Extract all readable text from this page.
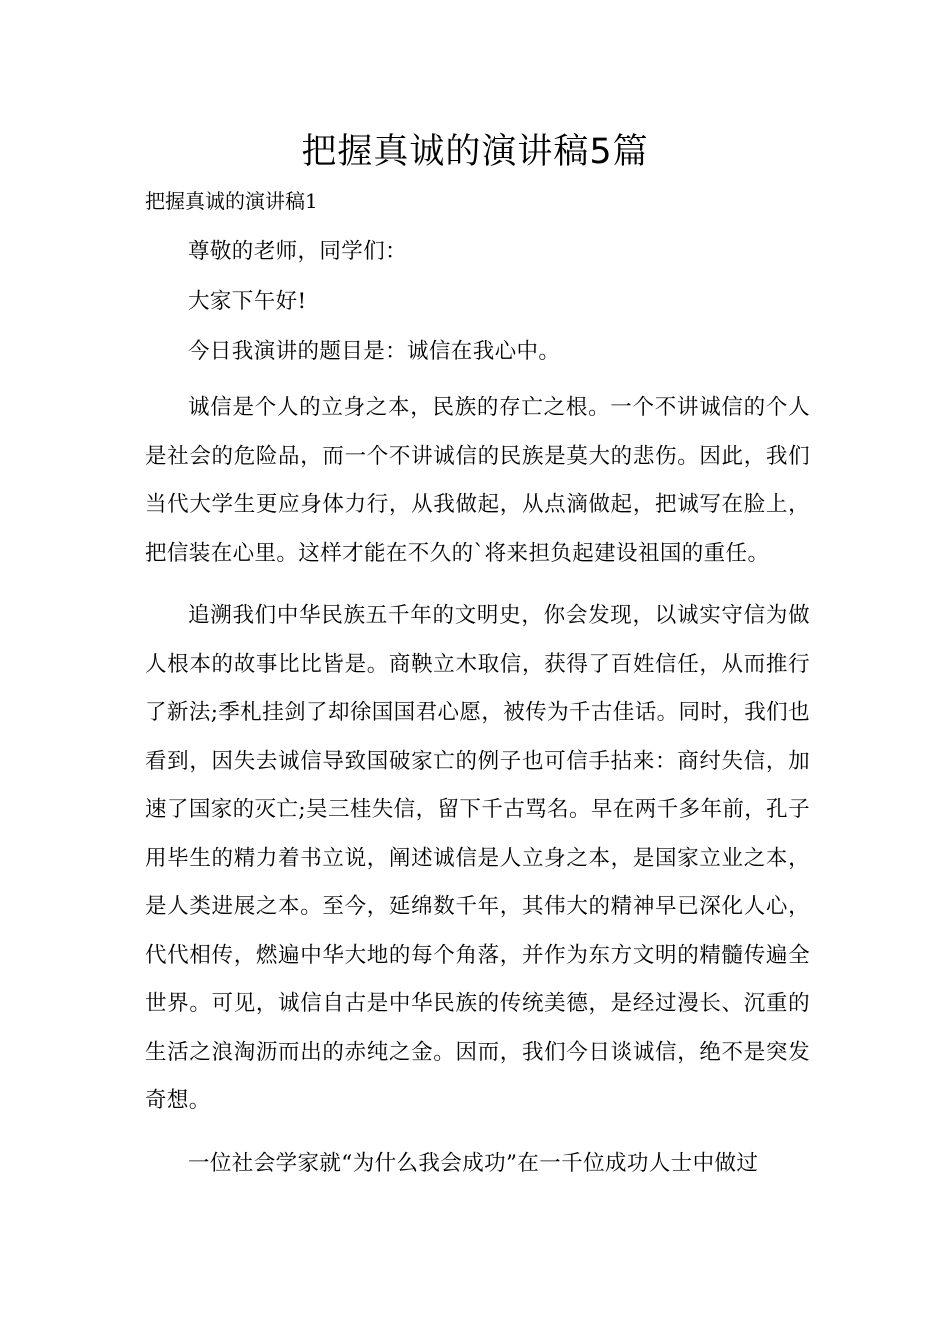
把握真诚的演讲稿5篇

把握真诚的演讲稿1

尊敬的老师，同学们：

大家下午好!

今日我演讲的题目是：诚信在我心中。

诚信是个人的立身之本，民族的存亡之根。一个不讲诚信的个人是社会的危险品，而一个不讲诚信的民族是莫大的悲伤。因此，我们当代大学生更应身体力行，从我做起，从点滴做起，把诚写在脸上，把信装在心里。这样才能在不久的`将来担负起建设祖国的重任。

追溯我们中华民族五千年的文明史，你会发现，以诚实守信为做人根本的故事比比皆是。商鞅立木取信，获得了百姓信任，从而推行了新法;季札挂剑了却徐国国君心愿，被传为千古佳话。同时，我们也看到，因失去诚信导致国破家亡的例子也可信手拈来：商纣失信，加速了国家的灭亡;吴三桂失信，留下千古骂名。早在两千多年前，孔子用毕生的精力着书立说，阐述诚信是人立身之本，是国家立业之本，是人类进展之本。至今，延绵数千年，其伟大的精神早已深化人心，代代相传，燃遍中华大地的每个角落，并作为东方文明的精髓传遍全世界。可见，诚信自古是中华民族的传统美德，是经过漫长、沉重的生活之浪淘沥而出的赤纯之金。因而，我们今日谈诚信，绝不是突发奇想。

一位社会学家就“为什么我会成功”在一千位成功人士中做过
